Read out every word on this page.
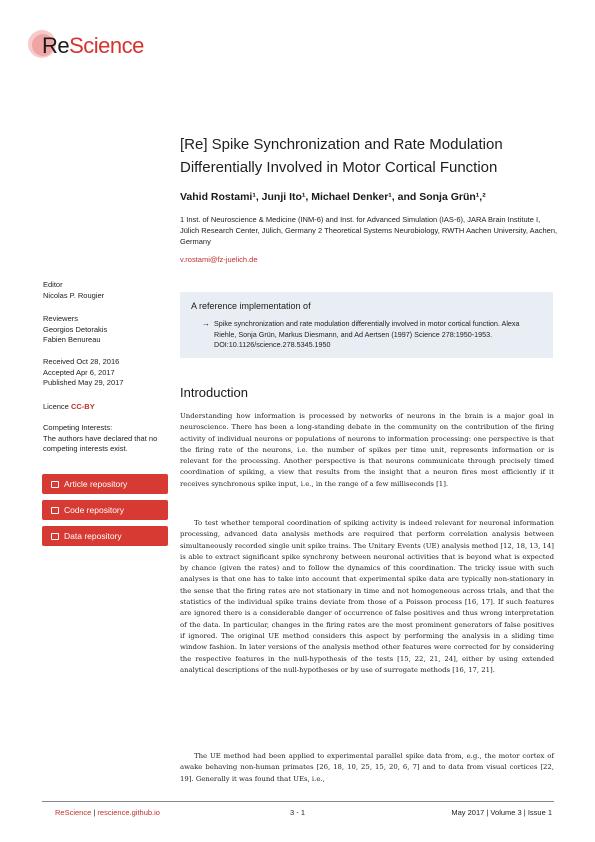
ReScience
[Re] Spike Synchronization and Rate Modulation Differentially Involved in Motor Cortical Function
Vahid Rostami¹, Junji Ito¹, Michael Denker¹, and Sonja Grün¹,²
1 Inst. of Neuroscience & Medicine (INM-6) and Inst. for Advanced Simulation (IAS-6), JARA Brain Institute I, Jülich Research Center, Jülich, Germany 2 Theoretical Systems Neurobiology, RWTH Aachen University, Aachen, Germany
v.rostami@fz-juelich.de
Editor
Nicolas P. Rougier
Reviewers
Georgios Detorakis
Fabien Benureau
Received Oct 28, 2016
Accepted Apr 6, 2017
Published May 29, 2017
Licence CC-BY
Competing Interests:
The authors have declared that no competing interests exist.
Article repository
Code repository
Data repository
A reference implementation of
→ Spike synchronization and rate modulation differentially involved in motor cortical function. Alexa Riehle, Sonja Grün, Markus Diesmann, and Ad Aertsen (1997) Science 278:1950-1953. DOI:10.1126/science.278.5345.1950
Introduction
Understanding how information is processed by networks of neurons in the brain is a major goal in neuroscience. There has been a long-standing debate in the community on the contribution of the firing activity of individual neurons or populations of neurons to information processing: one perspective is that the firing rate of the neurons, i.e. the number of spikes per time unit, represents information or is relevant for the processing. Another perspective is that neurons communicate through precisely timed coordination of spiking, a view that results from the insight that a neuron fires most efficiently if it receives synchronous spike input, i.e., in the range of a few milliseconds [1].
To test whether temporal coordination of spiking activity is indeed relevant for neuronal information processing, advanced data analysis methods are required that perform correlation analysis between simultaneously recorded single unit spike trains. The Unitary Events (UE) analysis method [12, 18, 13, 14] is able to extract significant spike synchrony between neuronal activities that is beyond what is expected by chance (given the rates) and to follow the dynamics of this coordination. The tricky issue with such analyses is that one has to take into account that experimental spike data are typically non-stationary in the sense that the firing rates are not stationary in time and not homogeneous across trials, and that the statistics of the individual spike trains deviate from those of a Poisson process [16, 17]. If such features are ignored there is a considerable danger of occurrence of false positives and thus wrong interpretation of the data. In particular, changes in the firing rates are the most prominent generators of false positives if ignored. The original UE method considers this aspect by performing the analysis in a sliding time window fashion. In later versions of the analysis method other features were corrected for by considering the respective features in the null-hypothesis of the tests [15, 22, 21, 24], either by using extended analytical descriptions of the null-hypotheses or by use of surrogate methods [16, 17, 21].
The UE method had been applied to experimental parallel spike data from, e.g., the motor cortex of awake behaving non-human primates [26, 18, 10, 25, 15, 20, 6, 7] and to data from visual cortices [22, 19]. Generally it was found that UEs, i.e.,
ReScience | rescience.github.io	3 - 1	May 2017 | Volume 3 | Issue 1
